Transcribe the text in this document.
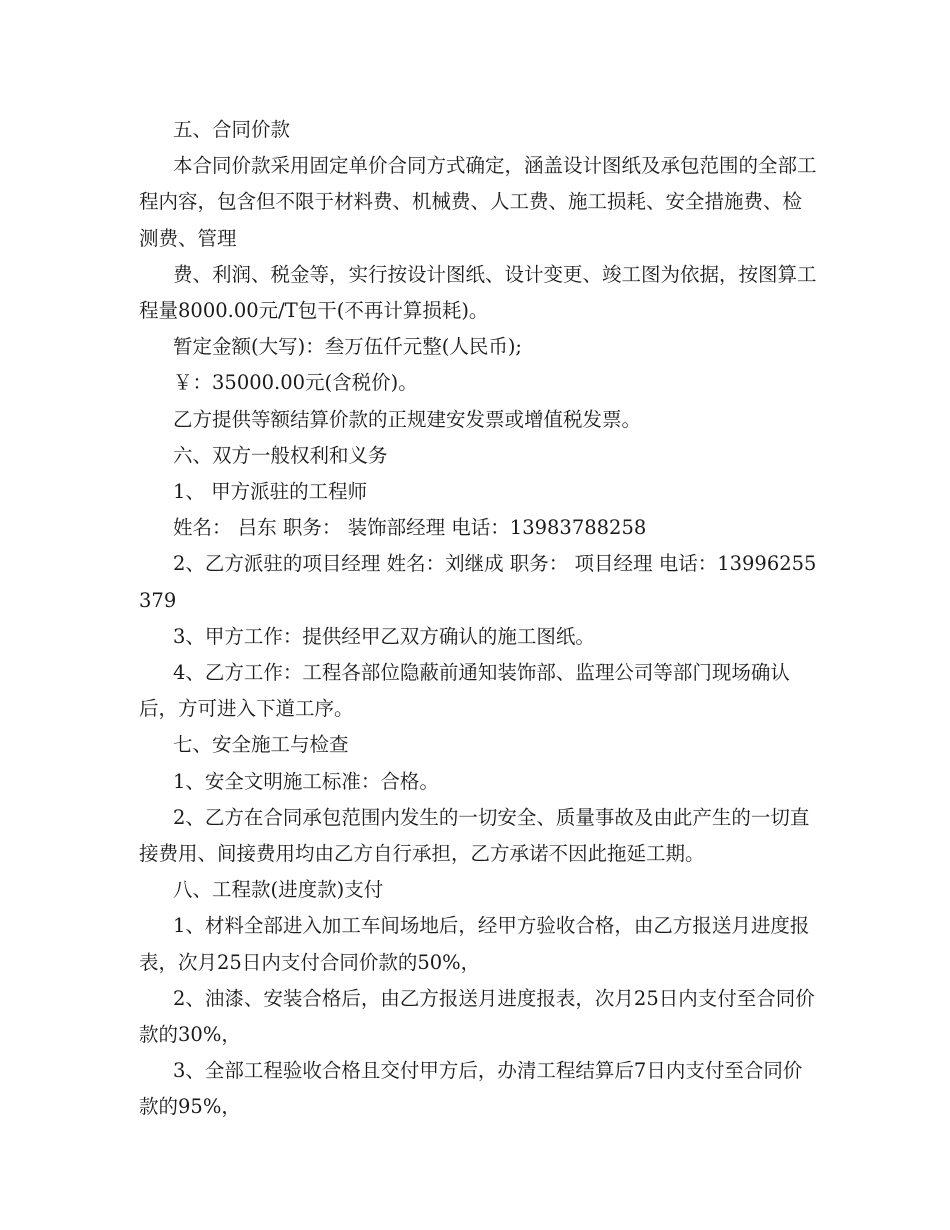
五、合同价款

本合同价款采用固定单价合同方式确定，涵盖设计图纸及承包范围的全部工程内容，包含但不限于材料费、机械费、人工费、施工损耗、安全措施费、检测费、管理

费、利润、税金等，实行按设计图纸、设计变更、竣工图为依据，按图算工程量8000.00元/T包干(不再计算损耗)。

暂定金额(大写)：叁万伍仟元整(人民币);

￥：35000.00元(含税价)。

乙方提供等额结算价款的正规建安发票或增值税发票。

六、双方一般权利和义务

1、 甲方派驻的工程师

姓名： 吕东 职务： 装饰部经理 电话：13983788258

2、乙方派驻的项目经理 姓名：刘继成 职务： 项目经理 电话：13996255379

3、甲方工作：提供经甲乙双方确认的施工图纸。

4、乙方工作：工程各部位隐蔽前通知装饰部、监理公司等部门现场确认后，方可进入下道工序。

七、安全施工与检查

1、安全文明施工标准：合格。

2、乙方在合同承包范围内发生的一切安全、质量事故及由此产生的一切直接费用、间接费用均由乙方自行承担，乙方承诺不因此拖延工期。

八、工程款(进度款)支付

1、材料全部进入加工车间场地后，经甲方验收合格，由乙方报送月进度报表，次月25日内支付合同价款的50%，

2、油漆、安装合格后，由乙方报送月进度报表，次月25日内支付至合同价款的30%，

3、全部工程验收合格且交付甲方后，办清工程结算后7日内支付至合同价款的95%，
